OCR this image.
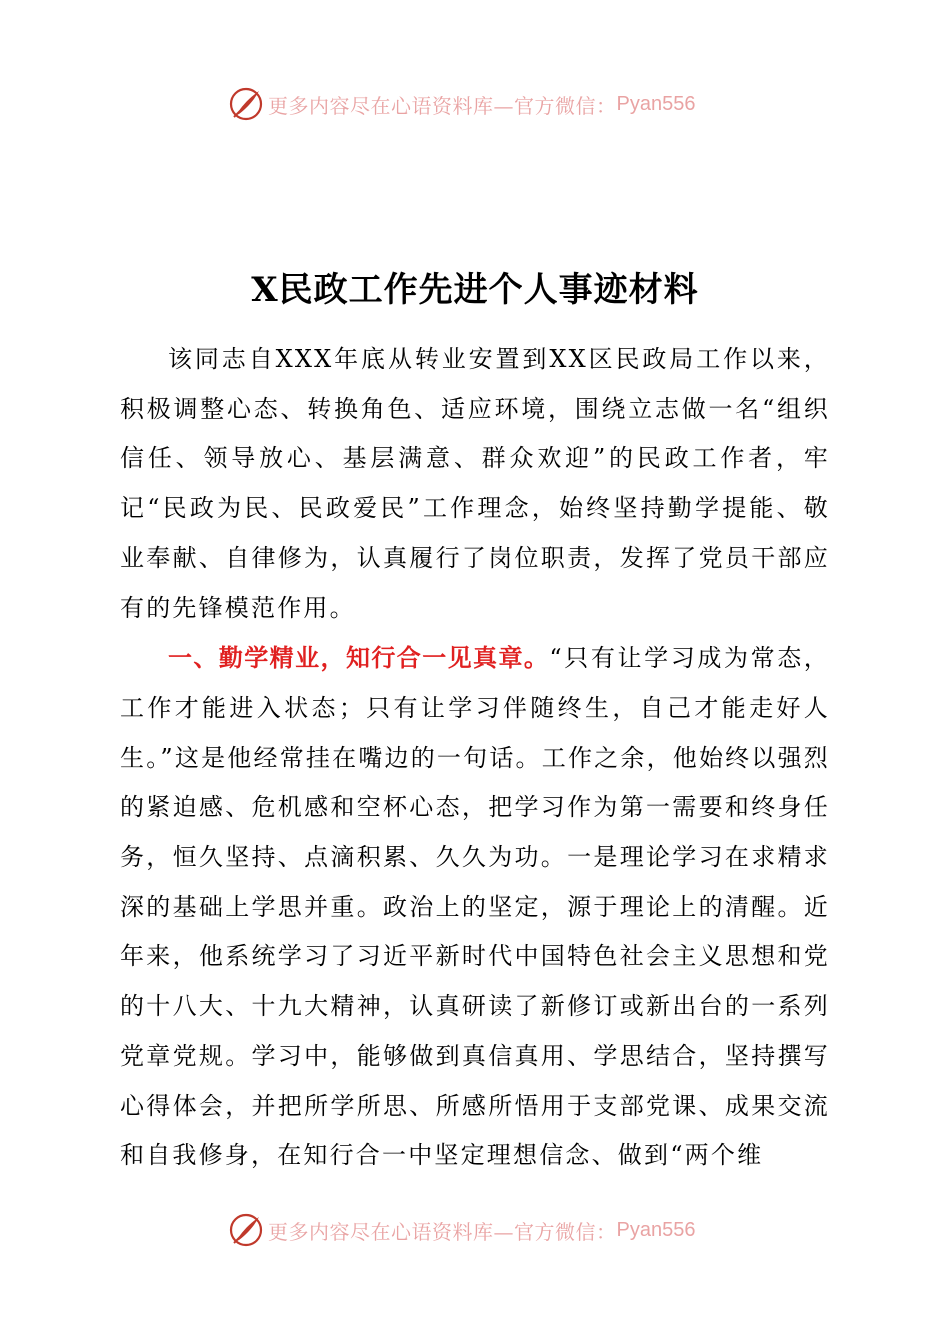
更多内容尽在心语资料库—官方微信： Pyan556
X民政工作先进个人事迹材料

该同志自XXX年底从转业安置到XX区民政局工作以来，积极调整心态、转换角色、适应环境，围绕立志做一名“组织信任、领导放心、基层满意、群众欢迎”的民政工作者，牢记“民政为民、民政爱民”工作理念，始终坚持勤学提能、敬业奉献、自律修为，认真履行了岗位职责，发挥了党员干部应有的先锋模范作用。

一、勤学精业，知行合一见真章。“只有让学习成为常态，工作才能进入状态；只有让学习伴随终生，自己才能走好人生。”这是他经常挂在嘴边的一句话。工作之余，他始终以强烈的紧迫感、危机感和空杯心态，把学习作为第一需要和终身任务，恒久坚持、点滴积累、久久为功。一是理论学习在求精求深的基础上学思并重。政治上的坚定，源于理论上的清醒。近年来，他系统学习了习近平新时代中国特色社会主义思想和党的十八大、十九大精神，认真研读了新修订或新出台的一系列党章党规。学习中，能够做到真信真用、学思结合，坚持撰写心得体会，并把所学所思、所感所悟用于支部党课、成果交流和自我修身，在知行合一中坚定理想信念、做到“两个维

更多内容尽在心语资料库—官方微信： Pyan556
